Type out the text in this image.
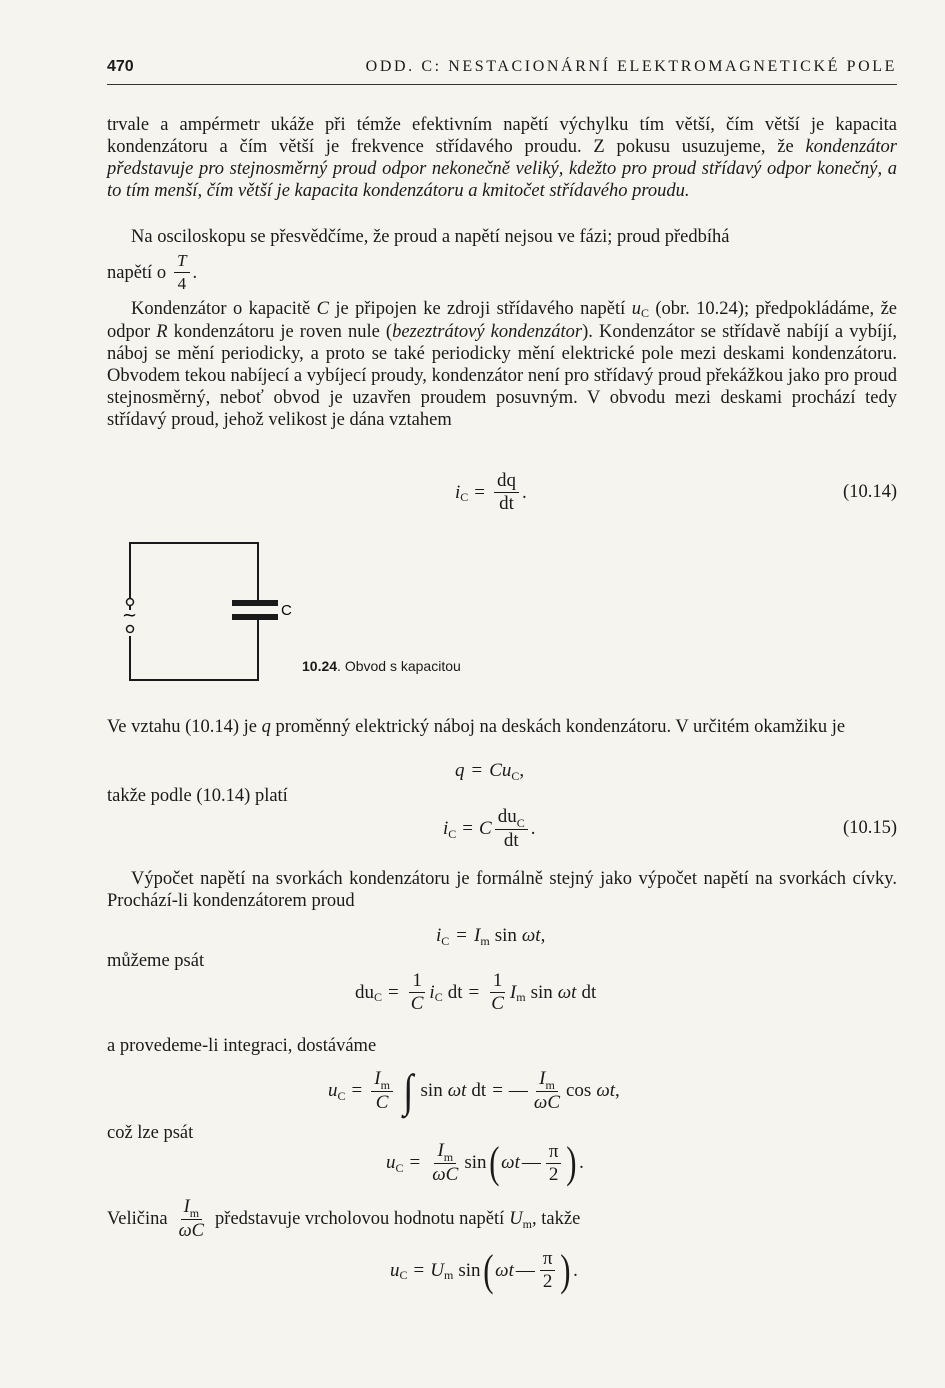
470	ODD. C: NESTACIONÁRNÍ ELEKTROMAGNETICKÉ POLE
trvale a ampérmetr ukáže při témže efektivním napětí výchylku tím větší, čím větší je kapacita kondenzátoru a čím větší je frekvence střídavého proudu. Z pokusu usuzujeme, že kondenzátor představuje pro stejnosměrný proud odpor nekonečně veliký, kdežto pro proud střídavý odpor konečný, a to tím menší, čím větší je kapacita kondenzátoru a kmitočet střídavého proudu.
Na osciloskopu se přesvědčíme, že proud a napětí nejsou ve fázi; proud předbíhá
napětí o $\frac{T}{4}$ .
Kondenzátor o kapacitě C je připojen ke zdroji střídavého napětí uC (obr. 10.24); předpokládáme, že odpor R kondenzátoru je roven nule (bezeztrátový kondenzátor). Kondenzátor se střídavě nabíjí a vybíjí, náboj se mění periodicky, a proto se také periodicky mění elektrické pole mezi deskami kondenzátoru. Obvodem tekou nabíjecí a vybíjecí proudy, kondenzátor není pro střídavý proud překážkou jako pro proud stejnosměrný, neboť obvod je uzavřen proudem posuvným. V obvodu mezi deskami prochází tedy střídavý proud, jehož velikost je dána vztahem
i $C = \frac{dq}{dt}$ .	(10.14)
~	C
10.24. Obvod s kapacitou
Ve vztahu (10.14) je q proměnný elektrický náboj na deskách kondenzátoru. V určitém okamžiku je
q = C u C ,
takže podle (10.14) platí
i C = C $\frac{du_C}{dt}$ .	(10.15)
Výpočet napětí na svorkách kondenzátoru je formálně stejný jako výpočet napětí na svorkách cívky. Prochází-li kondenzátorem proud
i C = I m sin ωt ,
můžeme psát
du $C = \frac{1}{C}$ i C dt = $\frac{1}{C}$ I m sin ωt dt
a provedeme-li integraci, dostáváme
u $C = \frac{I_m}{C}$ ∫ sin ωt dt = — $\frac{I_m}{\omega C}$ cos ωt ,
což lze psát
u $C = \frac{I_m}{\omega C}$ sin ( ωt — $\frac{\pi}{2}$ ) .
Veličina $\frac{I_m}{\omega C}$ představuje vrcholovou hodnotu napětí U m , takže
u C = U m sin ( ωt — $\frac{\pi}{2}$ ) .
